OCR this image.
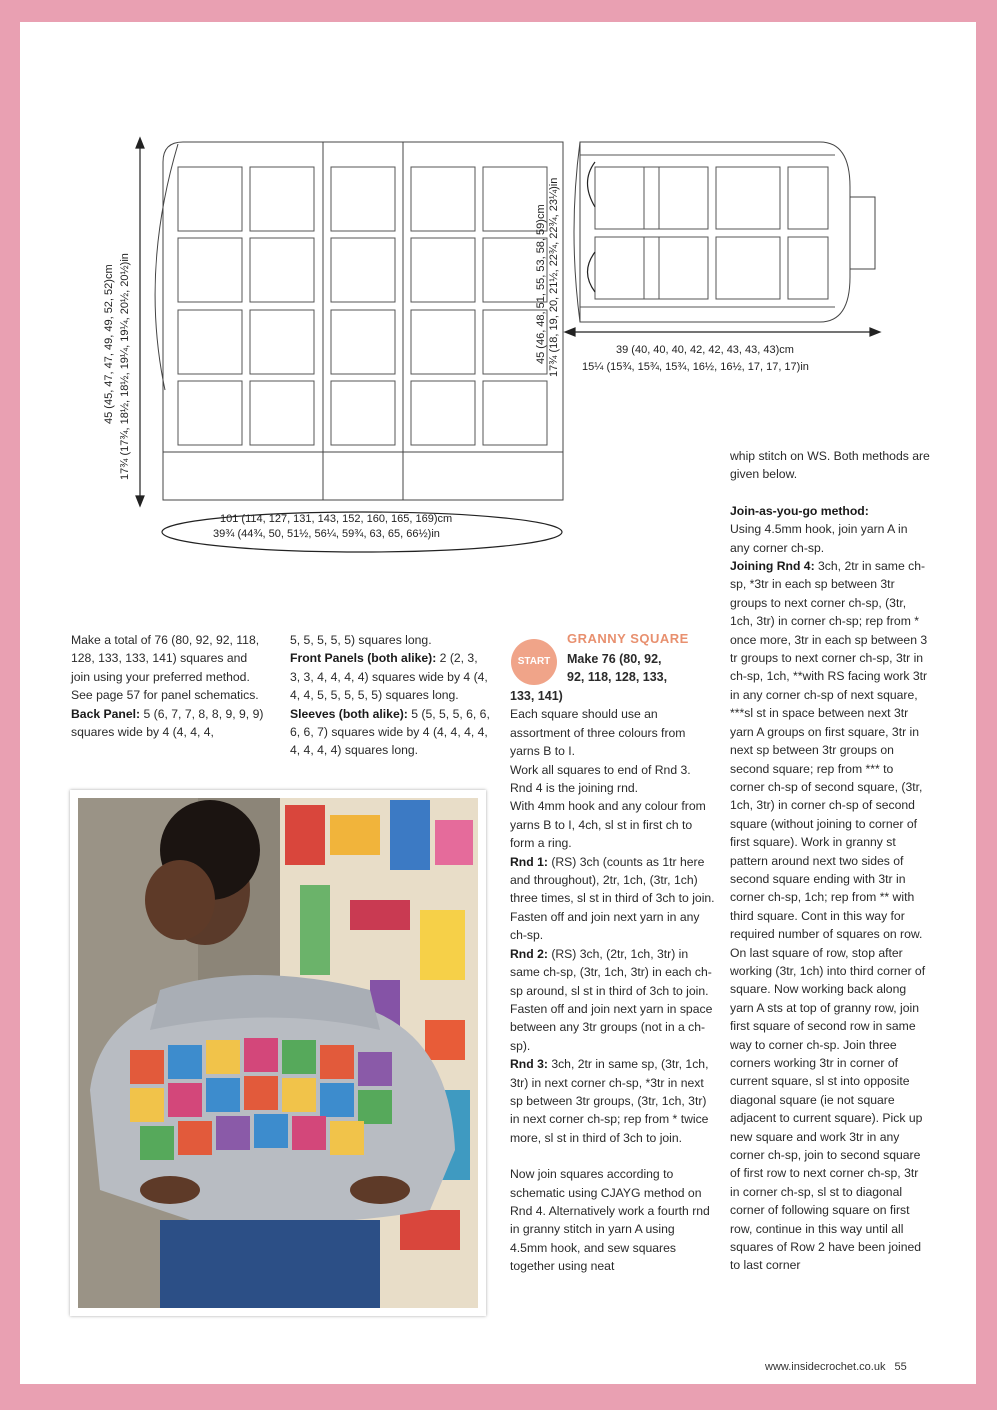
45 (45, 47, 47, 49, 49, 52, 52)cm 17¾ (17¾, 18½, 18½, 19¼, 19¼, 20½, 20½)in	45 (46, 48, 51, 55, 53, 58, 59)cm 17¾ (18, 19, 20, 21½, 22¾, 22¾, 23¼)in	39 (40, 40, 40, 42, 42, 43, 43, 43)cm
15¼ (15¾, 15¾, 15¾, 16½, 16½, 17, 17, 17)in
101 (114, 127, 131, 143, 152, 160, 165, 169)cm
39¾ (44¾, 50, 51½, 56¼, 59¾, 63, 65, 66½)in

Make a total of 76 (80, 92, 92, 118, 128, 133, 133, 141) squares and join using your preferred method. See page 57 for panel schematics.

Back Panel: 5 (6, 7, 7, 8, 8, 9, 9, 9) squares wide by 4 (4, 4, 4,

5, 5, 5, 5, 5) squares long.

Front Panels (both alike): 2 (2, 3, 3, 3, 4, 4, 4, 4) squares wide by 4 (4, 4, 4, 5, 5, 5, 5, 5) squares long.

Sleeves (both alike): 5 (5, 5, 5, 6, 6, 6, 6, 7) squares wide by 4 (4, 4, 4, 4, 4, 4, 4, 4) squares long.

START
GRANNY SQUARE

Make 76 (80, 92,

92, 118, 128, 133,

133, 141)

Each square should use an assortment of three colours from yarns B to I.

Work all squares to end of Rnd 3. Rnd 4 is the joining rnd.

With 4mm hook and any colour from yarns B to I, 4ch, sl st in first ch to form a ring.

Rnd 1: (RS) 3ch (counts as 1tr here and throughout), 2tr, 1ch, (3tr, 1ch) three times, sl st in third of 3ch to join.

Fasten off and join next yarn in any ch-sp.

Rnd 2: (RS) 3ch, (2tr, 1ch, 3tr) in same ch-sp, (3tr, 1ch, 3tr) in each ch-sp around, sl st in third of 3ch to join.

Fasten off and join next yarn in space between any 3tr groups (not in a ch-sp).

Rnd 3: 3ch, 2tr in same sp, (3tr, 1ch, 3tr) in next corner ch-sp, *3tr in next sp between 3tr groups, (3tr, 1ch, 3tr) in next corner ch-sp; rep from * twice more, sl st in third of 3ch to join.

Now join squares according to schematic using CJAYG method on Rnd 4. Alternatively work a fourth rnd in granny stitch in yarn A using 4.5mm hook, and sew squares together using neat

whip stitch on WS. Both methods are given below.

Join-as-you-go method:

Using 4.5mm hook, join yarn A in any corner ch-sp.

Joining Rnd 4: 3ch, 2tr in same ch-sp, *3tr in each sp between 3tr groups to next corner ch-sp, (3tr, 1ch, 3tr) in corner ch-sp; rep from * once more, 3tr in each sp between 3 tr groups to next corner ch-sp, 3tr in ch-sp, 1ch, **with RS facing work 3tr in any corner ch-sp of next square, ***sl st in space between next 3tr yarn A groups on first square, 3tr in next sp between 3tr groups on second square; rep from *** to corner ch-sp of second square, (3tr, 1ch, 3tr) in corner ch-sp of second square (without joining to corner of first square). Work in granny st pattern around next two sides of second square ending with 3tr in corner ch-sp, 1ch; rep from ** with third square. Cont in this way for required number of squares on row. On last square of row, stop after working (3tr, 1ch) into third corner of square. Now working back along yarn A sts at top of granny row, join first square of second row in same way to corner ch-sp. Join three corners working 3tr in corner of current square, sl st into opposite diagonal square (ie not square adjacent to current square). Pick up new square and work 3tr in any corner ch-sp, join to second square of first row to next corner ch-sp, 3tr in corner ch-sp, sl st to diagonal corner of following square on first row, continue in this way until all squares of Row 2 have been joined to last corner

www.insidecrochet.co.uk 55
